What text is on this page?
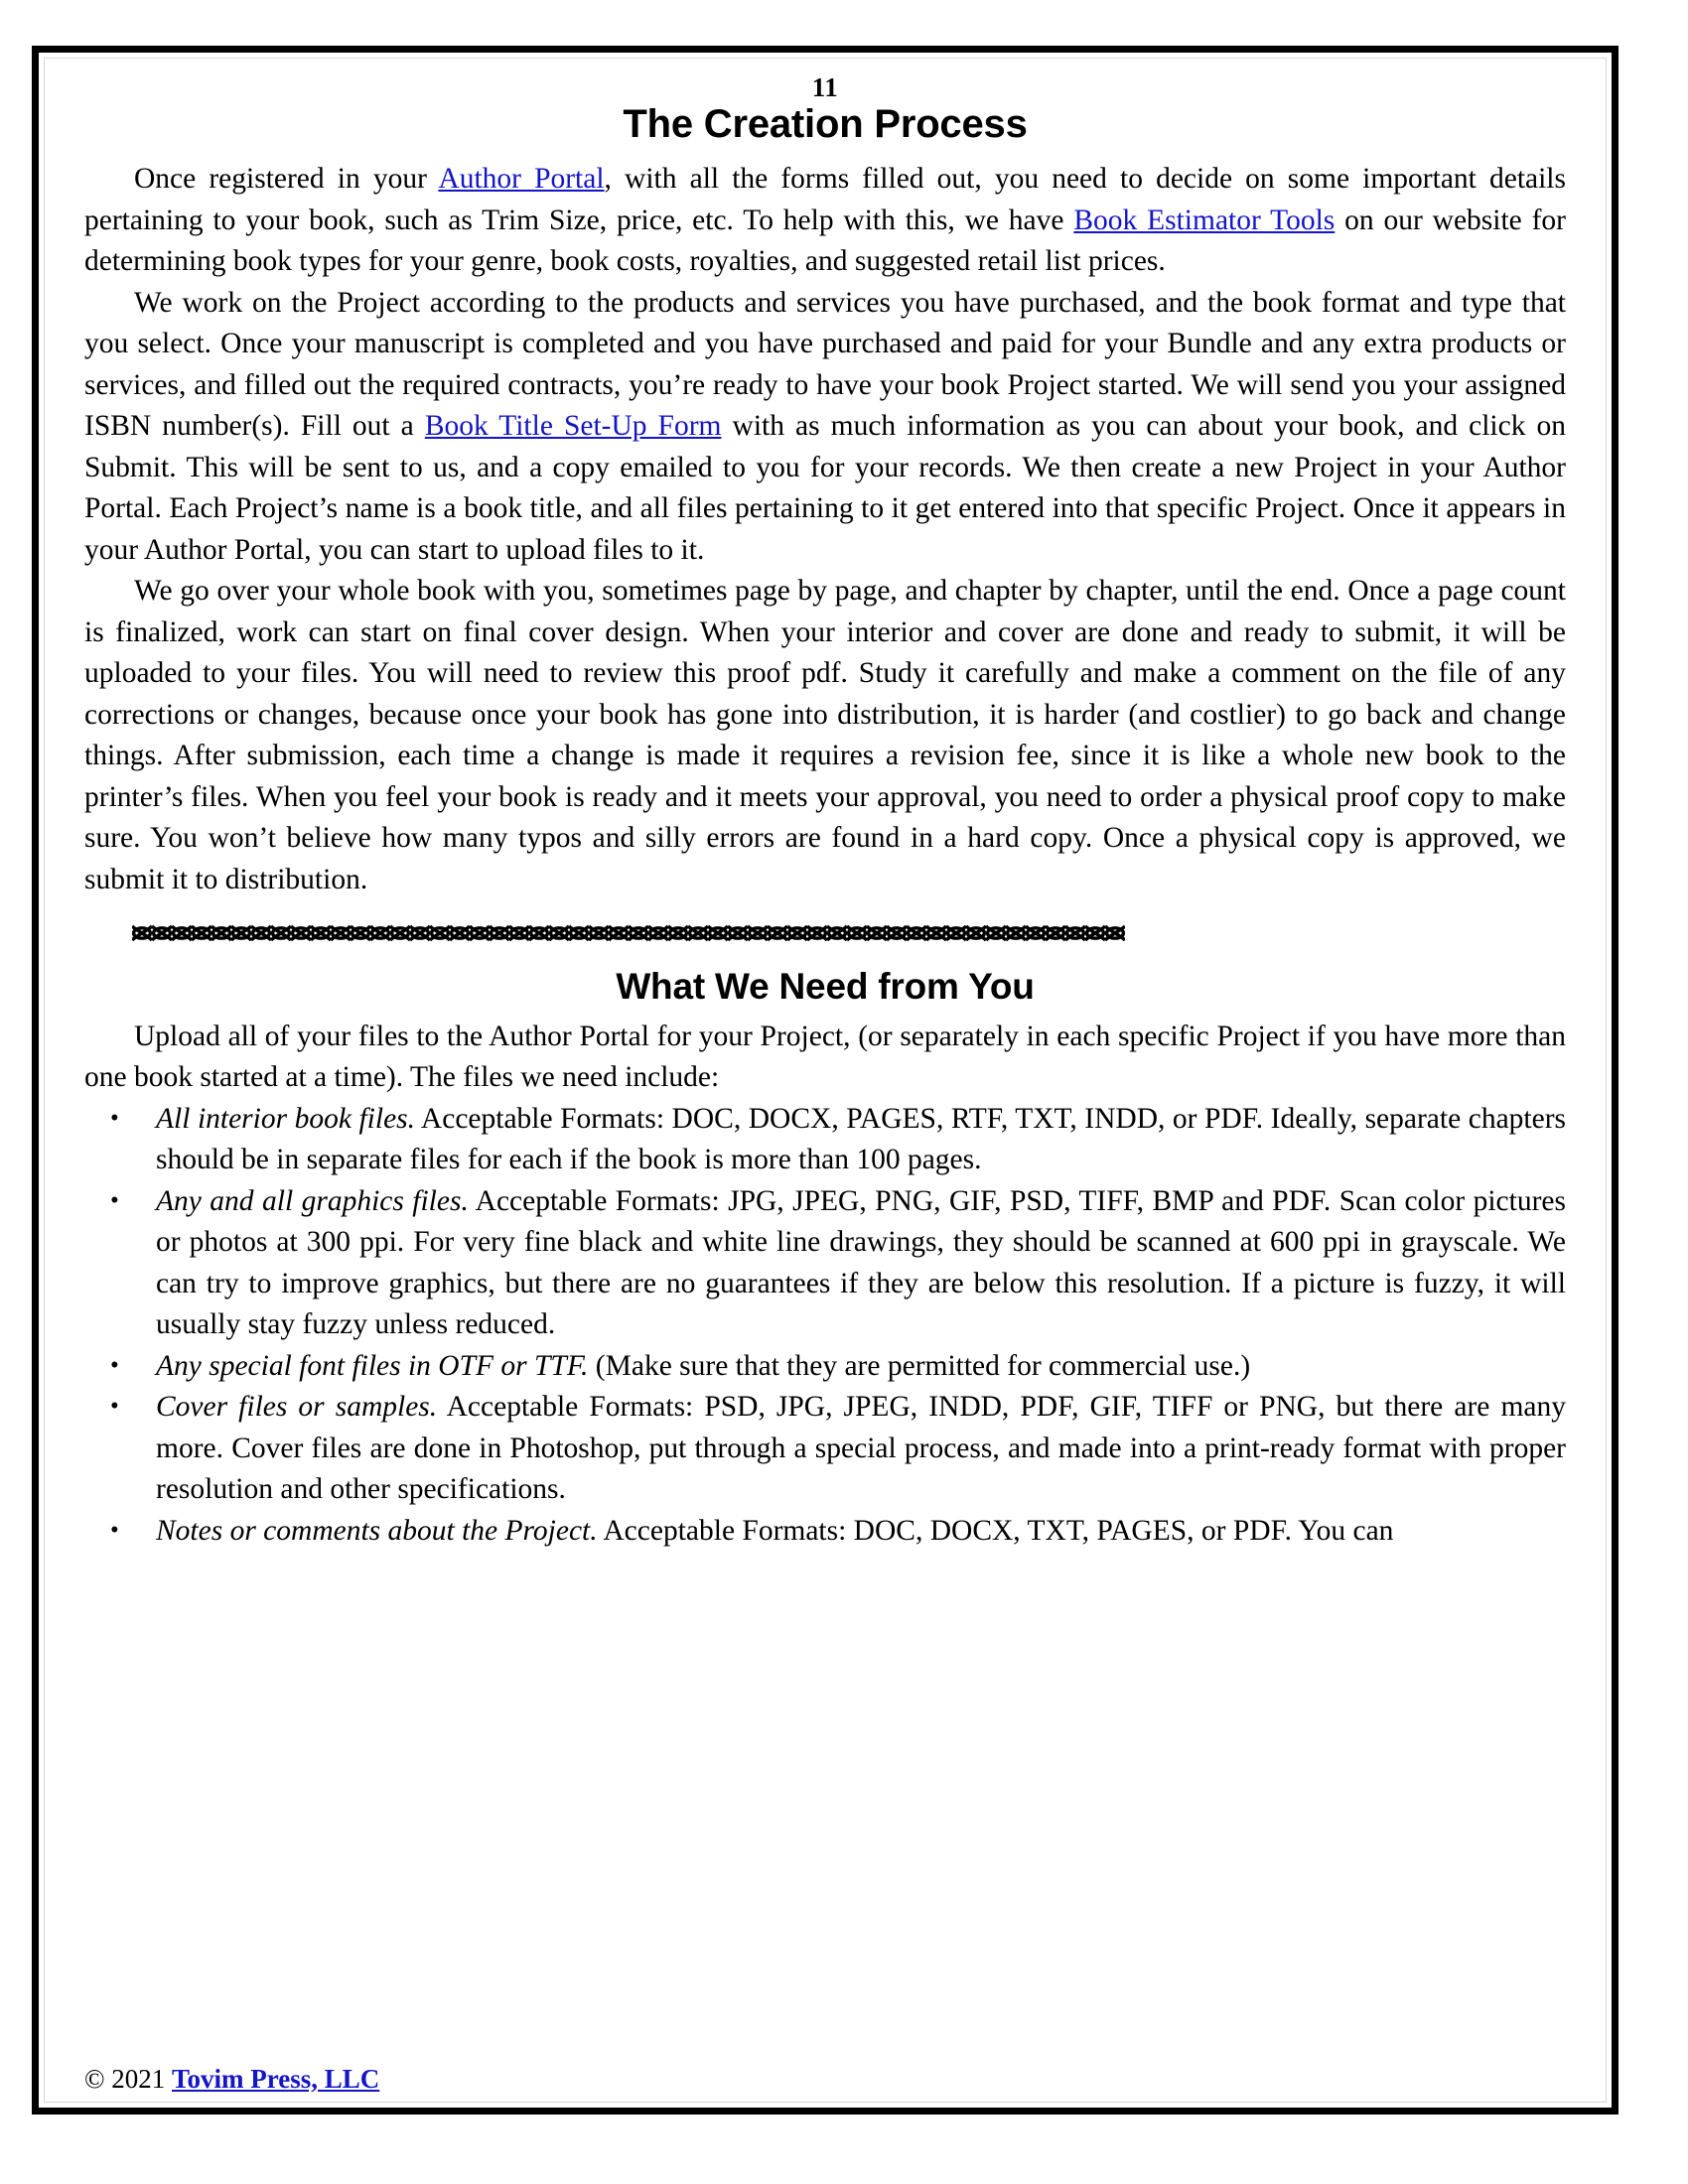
11
The Creation Process

Once registered in your Author Portal, with all the forms filled out, you need to decide on some important details pertaining to your book, such as Trim Size, price, etc. To help with this, we have Book Estimator Tools on our website for determining book types for your genre, book costs, royalties, and suggested retail list prices.

We work on the Project according to the products and services you have purchased, and the book format and type that you select. Once your manuscript is completed and you have purchased and paid for your Bundle and any extra products or services, and filled out the required contracts, you’re ready to have your book Project started. We will send you your assigned ISBN number(s). Fill out a Book Title Set-Up Form with as much information as you can about your book, and click on Submit. This will be sent to us, and a copy emailed to you for your records. We then create a new Project in your Author Portal. Each Project’s name is a book title, and all files pertaining to it get entered into that specific Project. Once it appears in your Author Portal, you can start to upload files to it.

We go over your whole book with you, sometimes page by page, and chapter by chapter, until the end. Once a page count is finalized, work can start on final cover design. When your interior and cover are done and ready to submit, it will be uploaded to your files. You will need to review this proof pdf. Study it carefully and make a comment on the file of any corrections or changes, because once your book has gone into distribution, it is harder (and costlier) to go back and change things. After submission, each time a change is made it requires a revision fee, since it is like a whole new book to the printer’s files. When you feel your book is ready and it meets your approval, you need to order a physical proof copy to make sure. You won’t believe how many typos and silly errors are found in a hard copy. Once a physical copy is approved, we submit it to distribution.

What We Need from You

Upload all of your files to the Author Portal for your Project, (or separately in each specific Project if you have more than one book started at a time). The files we need include:

• All interior book files. Acceptable Formats: DOC, DOCX, PAGES, RTF, TXT, INDD, or PDF. Ideally, separate chapters should be in separate files for each if the book is more than 100 pages.
• Any and all graphics files. Acceptable Formats: JPG, JPEG, PNG, GIF, PSD, TIFF, BMP and PDF. Scan color pictures or photos at 300 ppi. For very fine black and white line drawings, they should be scanned at 600 ppi in grayscale. We can try to improve graphics, but there are no guarantees if they are below this resolution. If a picture is fuzzy, it will usually stay fuzzy unless reduced.
• Any special font files in OTF or TTF. (Make sure that they are permitted for commercial use.)
• Cover files or samples. Acceptable Formats: PSD, JPG, JPEG, INDD, PDF, GIF, TIFF or PNG, but there are many more. Cover files are done in Photoshop, put through a special process, and made into a print-ready format with proper resolution and other specifications.
• Notes or comments about the Project. Acceptable Formats: DOC, DOCX, TXT, PAGES, or PDF. You can
© 2021 Tovim Press, LLC
